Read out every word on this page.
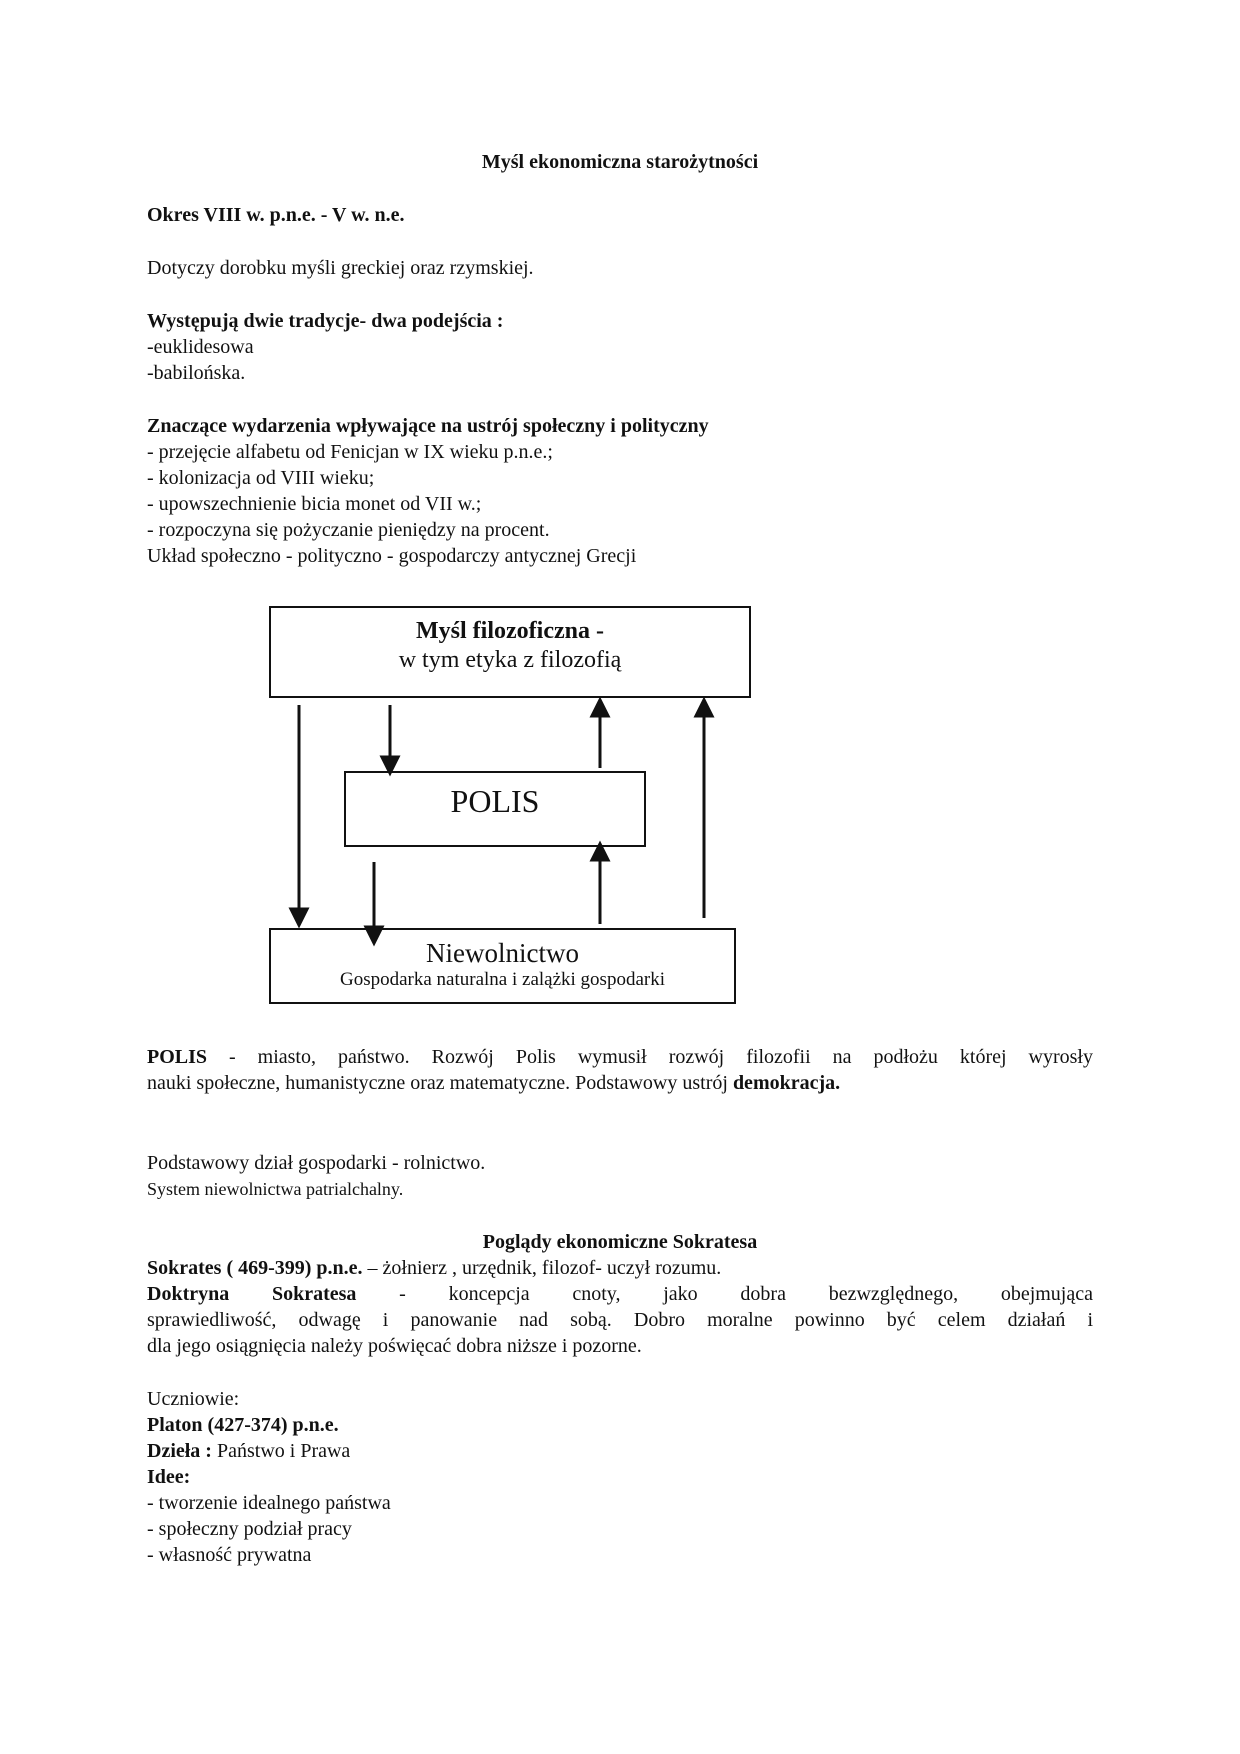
Myśl ekonomiczna starożytności
Okres VIII w. p.n.e. - V w. n.e.
Dotyczy dorobku myśli greckiej oraz rzymskiej.
Występują dwie tradycje- dwa podejścia :
-euklidesowa
-babilońska.
Znaczące wydarzenia wpływające na ustrój społeczny i polityczny
- przejęcie alfabetu od Fenicjan w IX wieku p.n.e.;
- kolonizacja od VIII wieku;
- upowszechnienie bicia monet od VII w.;
- rozpoczyna się pożyczanie pieniędzy na procent.
Układ społeczno - polityczno - gospodarczy antycznej Grecji
Myśl filozoficzna -
w tym etyka z filozofią
POLIS
Niewolnictwo
Gospodarka naturalna i zalążki gospodarki
POLIS - miasto, państwo. Rozwój Polis wymusił rozwój filozofii na podłożu której wyrosły
nauki społeczne, humanistyczne oraz matematyczne. Podstawowy ustrój demokracja.
Podstawowy dział gospodarki - rolnictwo.
System niewolnictwa patrialchalny.
Poglądy ekonomiczne Sokratesa
Sokrates ( 469-399) p.n.e. – żołnierz , urzędnik, filozof- uczył rozumu.
Doktryna Sokratesa - koncepcja cnoty, jako dobra bezwzględnego, obejmująca
sprawiedliwość, odwagę i panowanie nad sobą. Dobro moralne powinno być celem działań i
dla jego osiągnięcia należy poświęcać dobra niższe i pozorne.
Uczniowie:
Platon (427-374) p.n.e.
Dzieła : Państwo i Prawa
Idee:
- tworzenie idealnego państwa
- społeczny podział pracy
- własność prywatna
